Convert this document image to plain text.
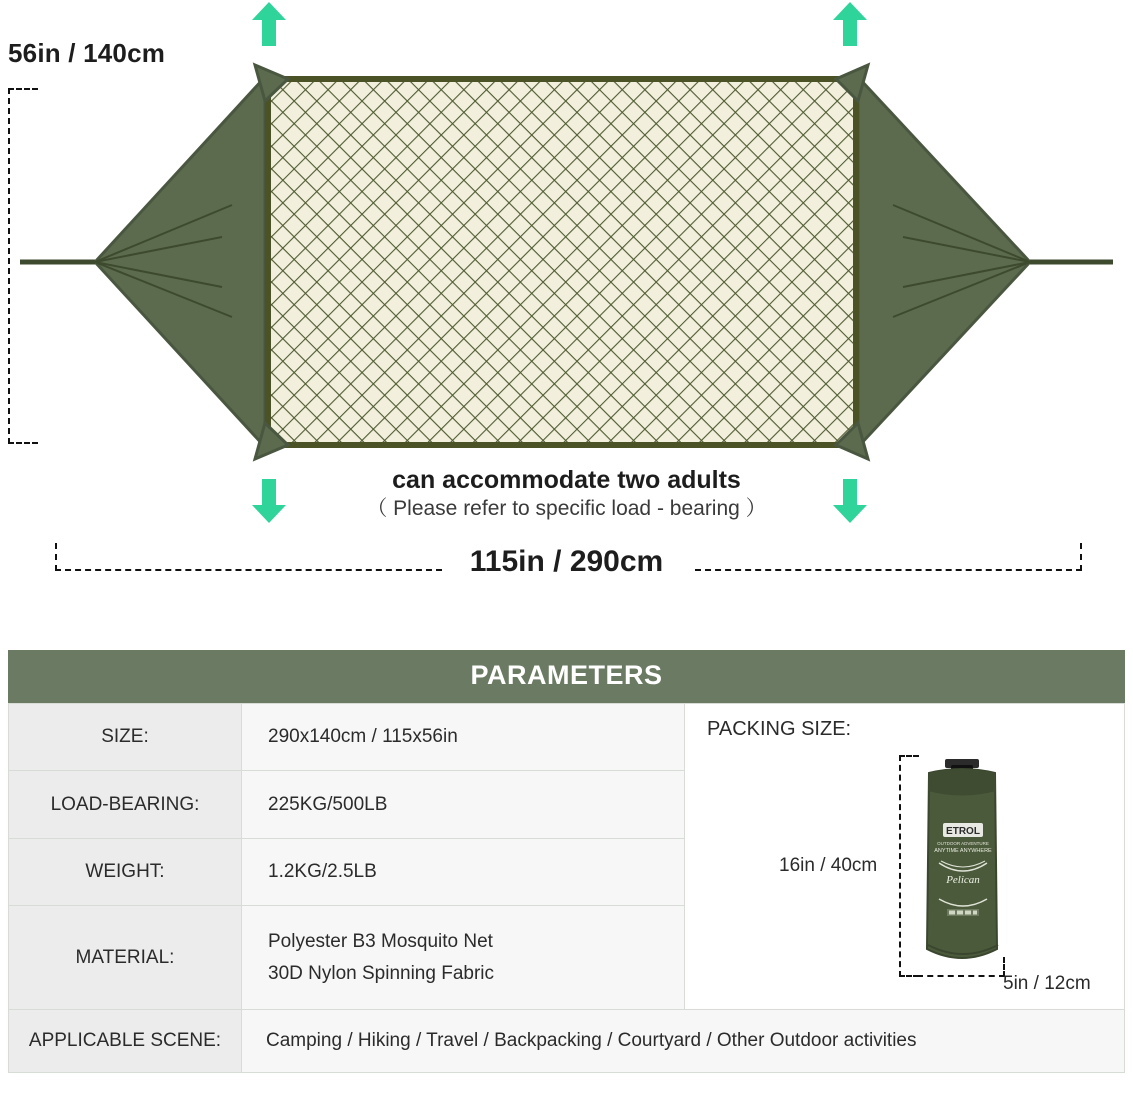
56in / 140cm
can accommodate two adults
（ Please refer to specific load - bearing ）
115in / 290cm
PARAMETERS
SIZE:	290x140cm / 115x56in	PACKING SIZE:
16in / 40cm
5in / 12cm
ETROL
OUTDOOR ADVENTURE
ANYTIME ANYWHERE
Pelican

LOAD-BEARING:	225KG/500LB	
WEIGHT:	1.2KG/2.5LB	
MATERIAL:	Polyester B3 Mosquito Net
30D Nylon Spinning Fabric	

APPLICABLE SCENE:	Camping / Hiking / Travel / Backpacking / Courtyard / Other Outdoor activities	
